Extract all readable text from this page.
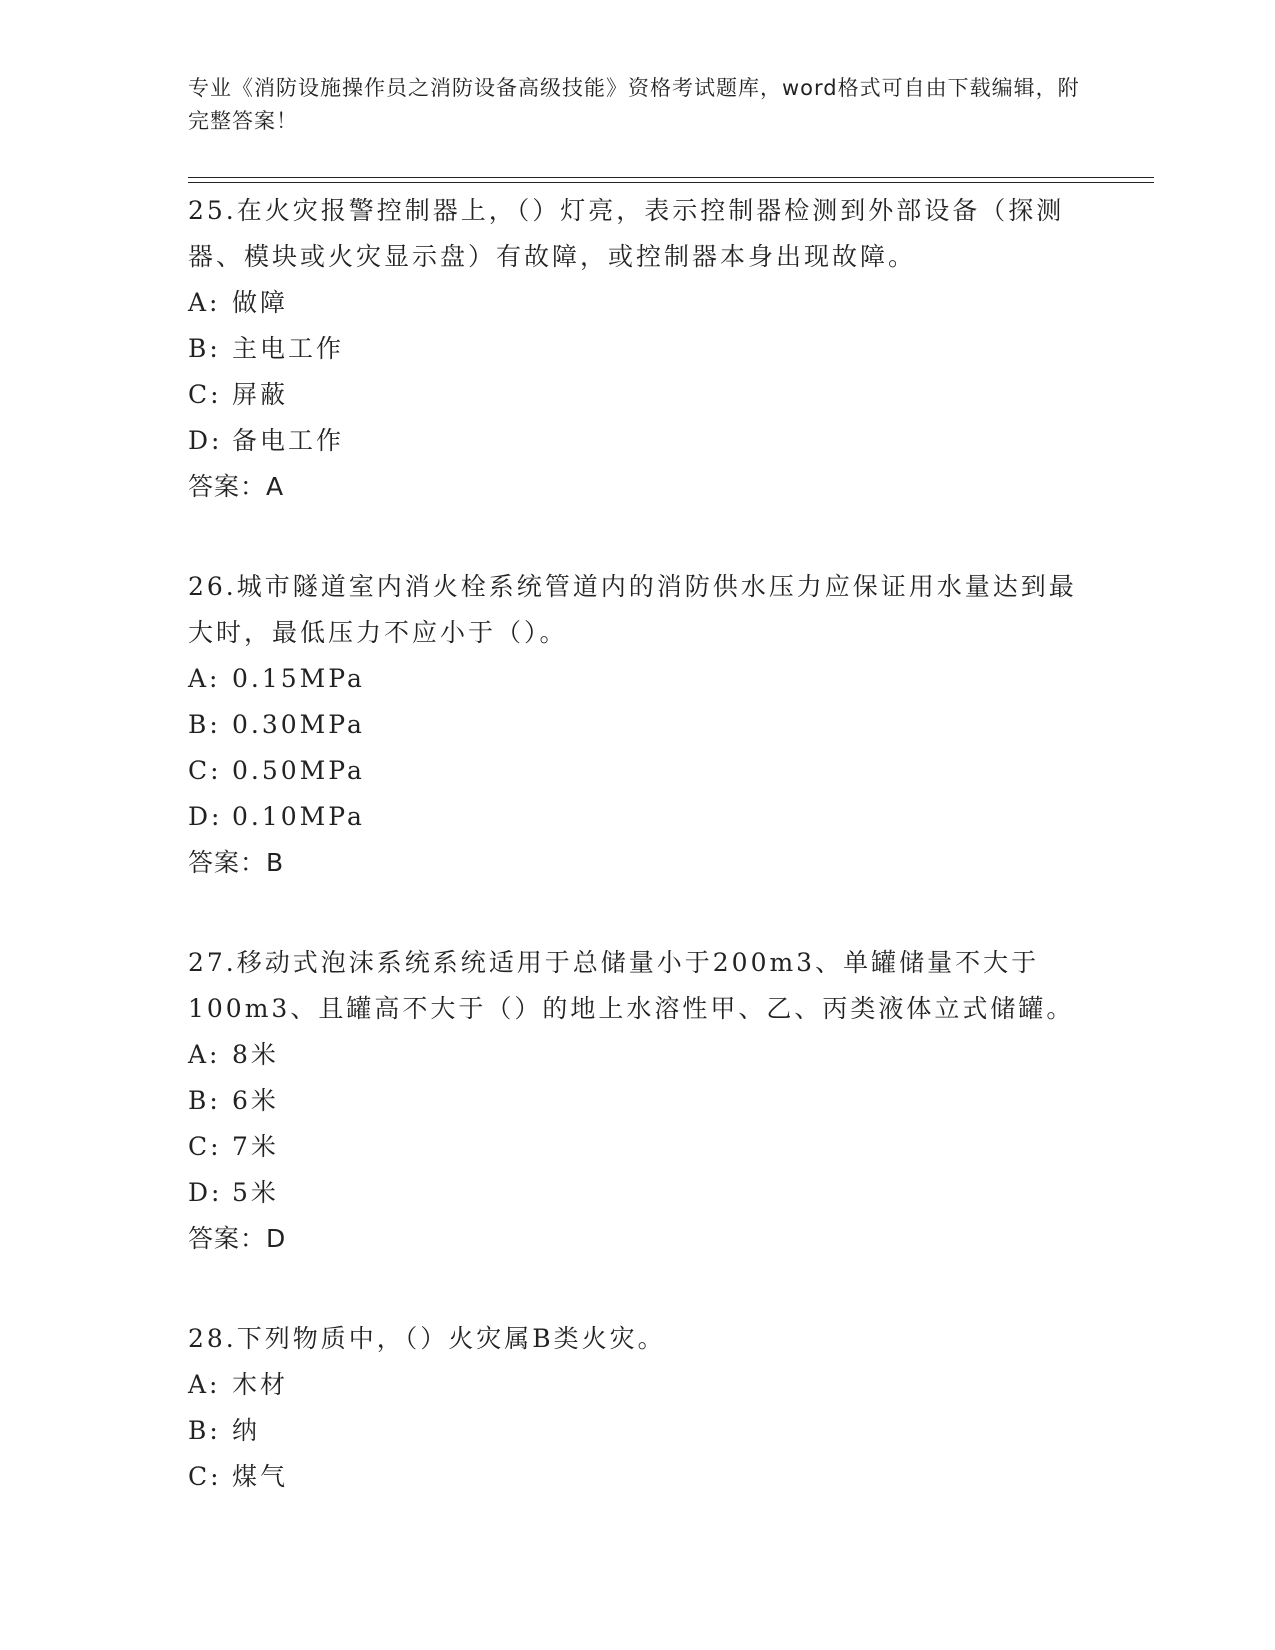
专业《消防设施操作员之消防设备高级技能》资格考试题库，word格式可自由下载编辑，附完整答案！
25.在火灾报警控制器上，（）灯亮，表示控制器检测到外部设备（探测器、模块或火灾显示盘）有故障，或控制器本身出现故障。
A: 做障
B: 主电工作
C: 屏蔽
D: 备电工作
答案：A
26.城市隧道室内消火栓系统管道内的消防供水压力应保证用水量达到最大时，最低压力不应小于（）。
A: 0.15MPa
B: 0.30MPa
C: 0.50MPa
D: 0.10MPa
答案：B
27.移动式泡沫系统系统适用于总储量小于200m3、单罐储量不大于100m3、且罐高不大于（）的地上水溶性甲、乙、丙类液体立式储罐。
A: 8米
B: 6米
C: 7米
D: 5米
答案：D
28.下列物质中，（）火灾属B类火灾。
A: 木材
B: 纳
C: 煤气
